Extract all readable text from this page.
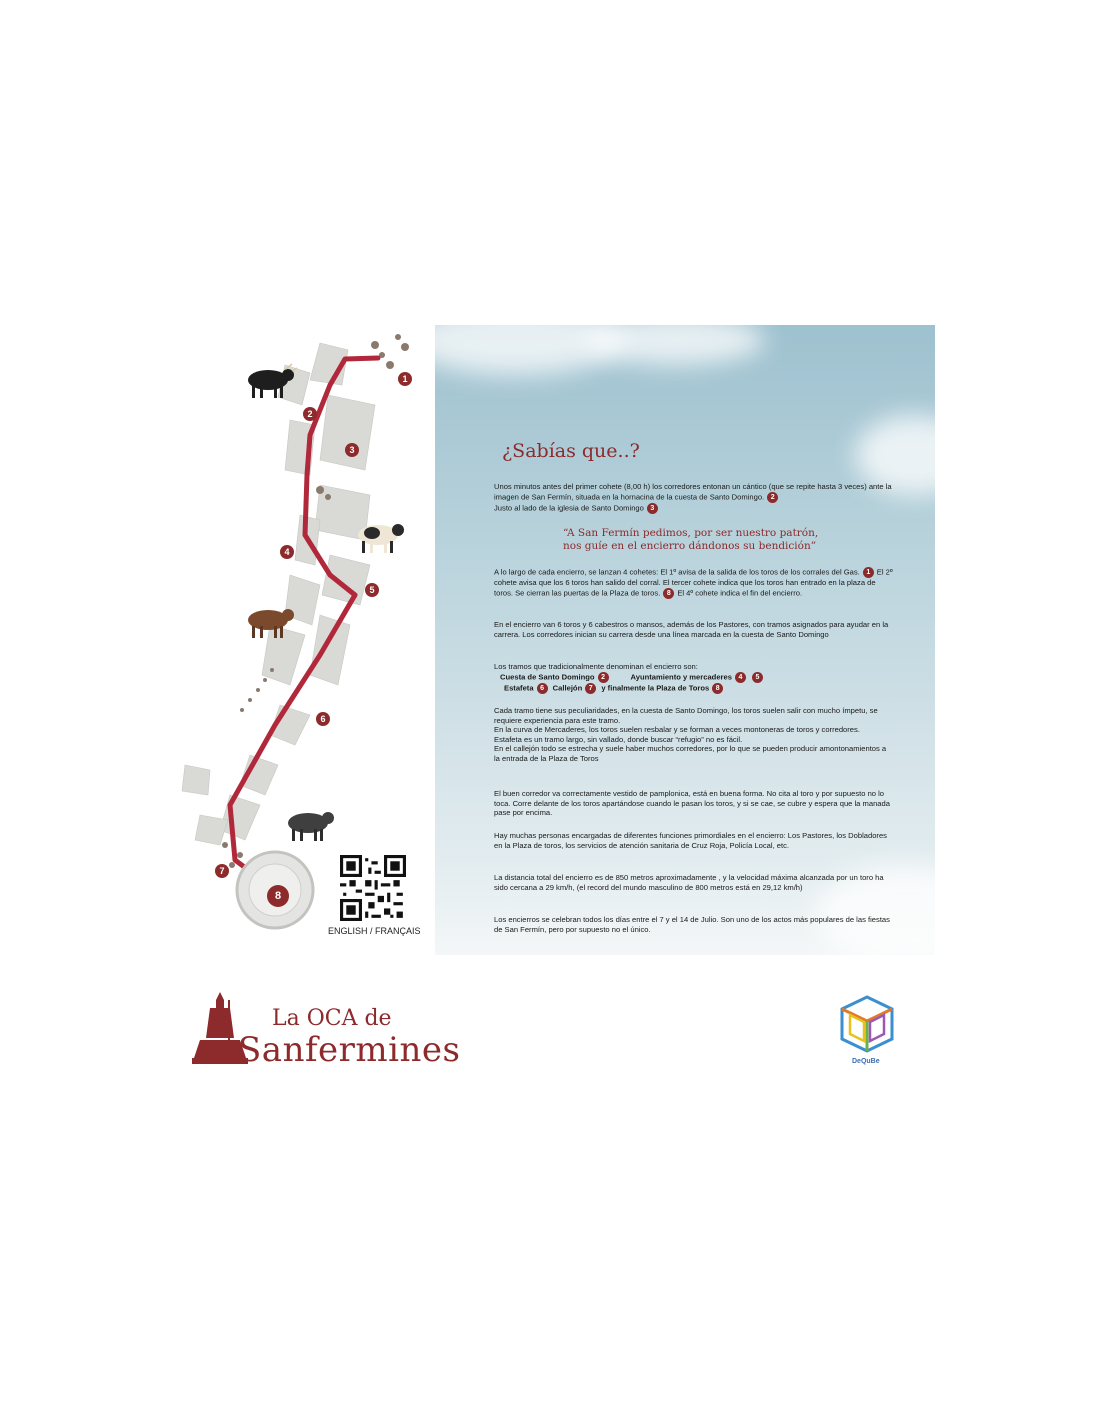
1
2
3
4
5
6
7
8
ENGLISH / FRANÇAIS
¿Sabías que..?

Unos minutos antes del primer cohete (8,00 h) los corredores entonan un cántico (que se repite hasta 3 veces) ante la imagen de San Fermín, situada en la hornacina de la cuesta de Santo Domingo. 2
Justo al lado de la iglesia de Santo Domingo 3

“A San Fermín pedimos, por ser nuestro patrón,
nos guíe en el encierro dándonos su bendición”

A lo largo de cada encierro, se lanzan 4 cohetes: El 1º avisa de la salida de los toros de los corrales del Gas. 1 El 2º cohete avisa que los 6 toros han salido del corral. El tercer cohete indica que los toros han entrado en la plaza de toros. Se cierran las puertas de la Plaza de toros. 8 El 4º cohete indica el fin del encierro.

En el encierro van 6 toros y 6 cabestros o mansos, además de los Pastores, con tramos asignados para ayudar en la carrera. Los corredores inician su carrera desde una línea marcada en la cuesta de Santo Domingo

Los tramos que tradicionalmente denominan el encierro son:

Cuesta de Santo Domingo 2	Ayuntamiento y mercaderes 4 5

Estafeta 6 Callejón 7 y finalmente la Plaza de Toros 8

Cada tramo tiene sus peculiaridades, en la cuesta de Santo Domingo, los toros suelen salir con mucho ímpetu, se requiere experiencia para este tramo.

En la curva de Mercaderes, los toros suelen resbalar y se forman a veces montoneras de toros y corredores.

Estafeta es un tramo largo, sin vallado, donde buscar “refugio” no es fácil.

En el callejón todo se estrecha y suele haber muchos corredores, por lo que se pueden producir amontonamientos a la entrada de la Plaza de Toros

El buen corredor va correctamente vestido de pamplonica, está en buena forma. No cita al toro y por supuesto no lo toca. Corre delante de los toros apartándose cuando le pasan los toros, y si se cae, se cubre y espera que la manada pase por encima.

Hay muchas personas encargadas de diferentes funciones primordiales en el encierro: Los Pastores, los Dobladores en la Plaza de toros, los servicios de atención sanitaria de Cruz Roja, Policía Local, etc.

La distancia total del encierro es de 850 metros aproximadamente , y la velocidad máxima alcanzada por un toro ha sido cercana a 29 km/h, (el record del mundo masculino de 800 metros está en 29,12 km/h)

Los encierros se celebran todos los días entre el 7 y el 14 de Julio. Son uno de los actos más populares de las fiestas de San Fermín, pero por supuesto no el único.

La OCA de
Sanfermines	DeQuBe
